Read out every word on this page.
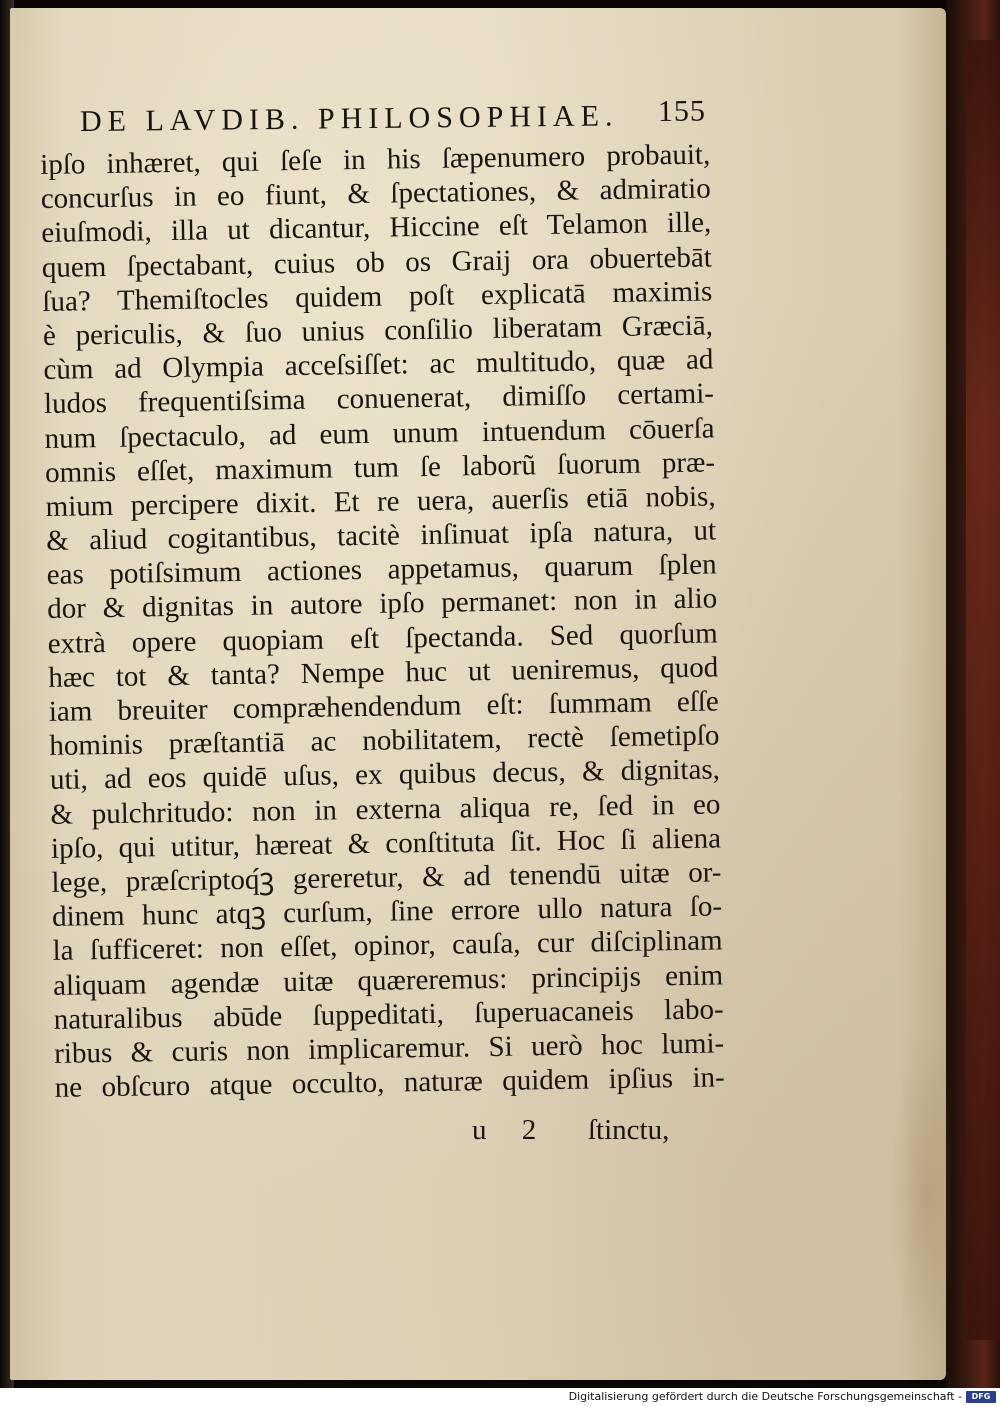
DE LAVDIB. PHILOSOPHIAE. 155
ipſo inhæret, qui ſeſe in his ſæpenumero probauit,
concurſus in eo fiunt, & ſpectationes, & admiratio
eiuſmodi, illa ut dicantur, Hiccine eſt Telamon ille,
quem ſpectabant, cuius ob os Graij ora obuertebāt
ſua? Themiſtocles quidem poſt explicatā maximis
è periculis, & ſuo unius conſilio liberatam Græciā,
cùm ad Olympia acceſsiſſet: ac multitudo, quæ ad
ludos frequentiſsima conuenerat, dimiſſo certami-
num ſpectaculo, ad eum unum intuendum cōuerſa
omnis eſſet, maximum tum ſe laborũ ſuorum præ-
mium percipere dixit. Et re uera, auerſis etiā nobis,
& aliud cogitantibus, tacitè inſinuat ipſa natura, ut
eas potiſsimum actiones appetamus, quarum ſplen
dor & dignitas in autore ipſo permanet: non in alio
extrà opere quopiam eſt ſpectanda. Sed quorſum
hæc tot & tanta? Nempe huc ut ueniremus, quod
iam breuiter compræhendendum eſt: ſummam eſſe
hominis præſtantiā ac nobilitatem, rectè ſemetipſo
uti, ad eos quidē uſus, ex quibus decus, & dignitas,
& pulchritudo: non in externa aliqua re, ſed in eo
ipſo, qui utitur, hæreat & conſtituta ſit. Hoc ſi aliena
lege, præſcriptoq́ꝫ gereretur, & ad tenendū uitæ or-
dinem hunc atqꝫ curſum, ſine errore ullo natura ſo-
la ſufficeret: non eſſet, opinor, cauſa, cur diſciplinam
aliquam agendæ uitæ quæreremus: principijs enim
naturalibus abūde ſuppeditati, ſuperuacaneis labo-
ribus & curis non implicaremur. Si uerò hoc lumi-
ne obſcuro atque occulto, naturæ quidem ipſius in-
u 2 ſtinctu,
Digitalisierung gefördert durch die Deutsche Forschungsgemeinschaft -	DFG
